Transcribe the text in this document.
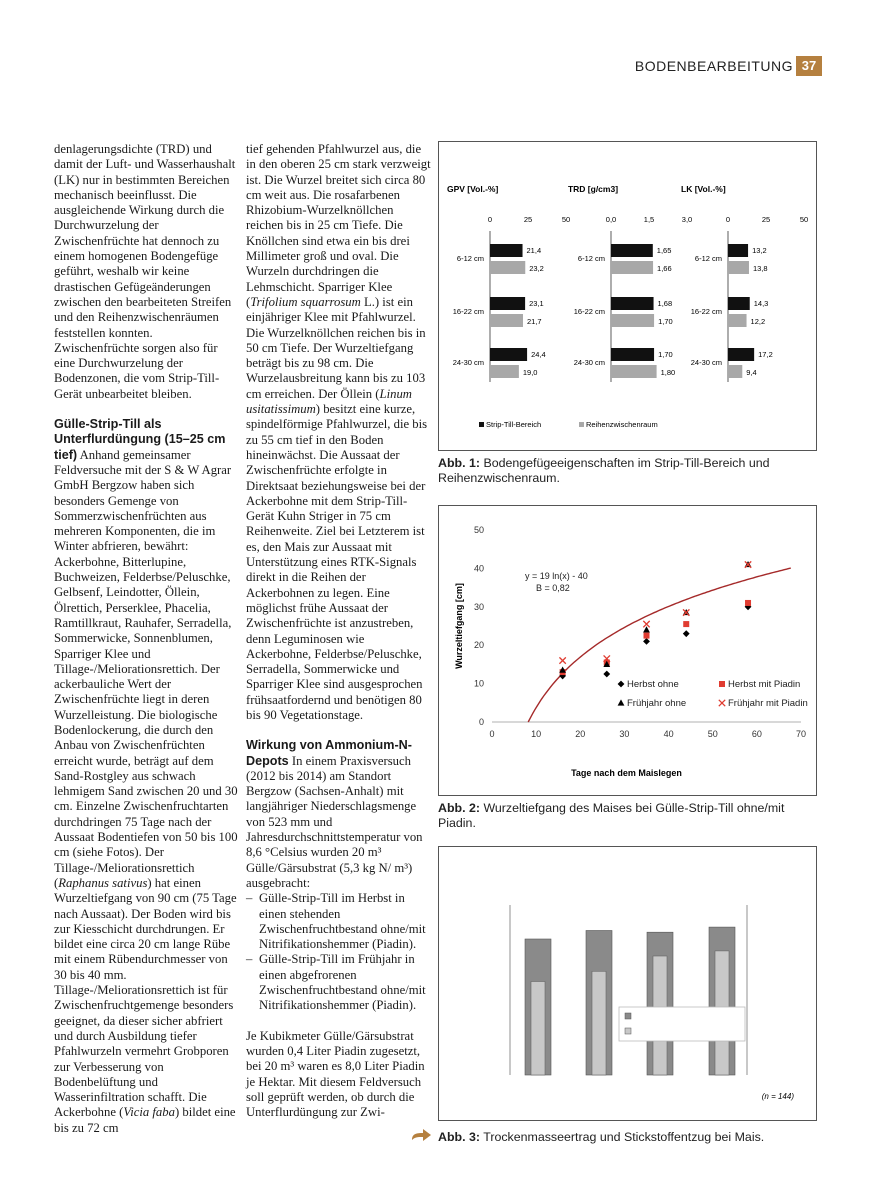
BODENBEARBEITUNG 37

denlagerungsdichte (TRD) und damit der Luft- und Wasserhaushalt (LK) nur in bestimmten Bereichen mechanisch beeinflusst. Die ausgleichende Wirkung durch die Durchwurzelung der Zwischenfrüchte hat dennoch zu einem homogenen Bodengefüge geführt, weshalb wir keine drastischen Gefügeänderungen zwischen den bearbeiteten Streifen und den Reihenzwischenräumen feststellen konnten. Zwischenfrüchte sorgen also für eine Durchwurzelung der Bodenzonen, die vom Strip-Till-Gerät unbearbeitet bleiben.

Gülle-Strip-Till als Unterflurdüngung (15–25 cm tief) Anhand gemeinsamer Feldversuche mit der S & W Agrar GmbH Bergzow haben sich besonders Gemenge von Sommerzwischenfrüchten aus mehreren Komponenten, die im Winter abfrieren, bewährt: Ackerbohne, Bitterlupine, Buchweizen, Felderbse/Peluschke, Gelbsenf, Leindotter, Öllein, Ölrettich, Perserklee, Phacelia, Ramtillkraut, Rauhafer, Serradella, Sommerwicke, Sonnenblumen, Sparriger Klee und Tillage-/Meliorationsrettich. Der ackerbauliche Wert der Zwischenfrüchte liegt in deren Wurzelleistung. Die biologische Bodenlockerung, die durch den Anbau von Zwischenfrüchten erreicht wurde, beträgt auf dem Sand-Rostgley aus schwach lehmigem Sand zwischen 20 und 30 cm. Einzelne Zwischenfruchtarten durchdringen 75 Tage nach der Aussaat Bodentiefen von 50 bis 100 cm (siehe Fotos). Der Tillage-/Meliorationsrettich (Raphanus sativus) hat einen Wurzeltiefgang von 90 cm (75 Tage nach Aussaat). Der Boden wird bis zur Kiesschicht durchdrungen. Er bildet eine circa 20 cm lange Rübe mit einem Rübendurchmesser von 30 bis 40 mm. Tillage-/Meliorationsrettich ist für Zwischenfruchtgemenge besonders geeignet, da dieser sicher abfriert und durch Ausbildung tiefer Pfahlwurzeln vermehrt Grobporen zur Verbesserung von Bodenbelüftung und Wasserinfiltration schafft. Die Ackerbohne (Vicia faba) bildet eine bis zu 72 cm

tief gehenden Pfahlwurzel aus, die in den oberen 25 cm stark verzweigt ist. Die Wurzel breitet sich circa 80 cm weit aus. Die rosafarbenen Rhizobium-Wurzelknöllchen reichen bis in 25 cm Tiefe. Die Knöllchen sind etwa ein bis drei Millimeter groß und oval. Die Wurzeln durchdringen die Lehmschicht. Sparriger Klee (Trifolium squarrosum L.) ist ein einjähriger Klee mit Pfahlwurzel. Die Wurzelknöllchen reichen bis in 50 cm Tiefe. Der Wurzeltiefgang beträgt bis zu 98 cm. Die Wurzelausbreitung kann bis zu 103 cm erreichen. Der Öllein (Linum usitatissimum) besitzt eine kurze, spindelförmige Pfahlwurzel, die bis zu 55 cm tief in den Boden hineinwächst. Die Aussaat der Zwischenfrüchte erfolgte in Direktsaat beziehungsweise bei der Ackerbohne mit dem Strip-Till-Gerät Kuhn Striger in 75 cm Reihenweite. Ziel bei Letzterem ist es, den Mais zur Aussaat mit Unterstützung eines RTK-Signals direkt in die Reihen der Ackerbohnen zu legen. Eine möglichst frühe Aussaat der Zwischenfrüchte ist anzustreben, denn Leguminosen wie Ackerbohne, Felderbse/Peluschke, Serradella, Sommerwicke und Sparriger Klee sind ausgesprochen frühsaatfordernd und benötigen 80 bis 90 Vegetationstage.

Wirkung von Ammonium-N-Depots In einem Praxisversuch (2012 bis 2014) am Standort Bergzow (Sachsen-Anhalt) mit langjähriger Niederschlagsmenge von 523 mm und Jahresdurchschnittstemperatur von 8,6 °Celsius wurden 20 m³ Gülle/Gärsubstrat (5,3 kg N/ m³) ausgebracht:

– Gülle-Strip-Till im Herbst in einen stehenden Zwischenfruchtbestand ohne/mit Nitrifikationshemmer (Piadin).
– Gülle-Strip-Till im Frühjahr in einen abgefrorenen Zwischenfruchtbestand ohne/mit Nitrifikationshemmer (Piadin).

Je Kubikmeter Gülle/Gärsubstrat wurden 0,4 Liter Piadin zugesetzt, bei 20 m³ waren es 8,0 Liter Piadin je Hektar. Mit diesem Feldversuch soll geprüft werden, ob durch die Unterflurdüngung zur Zwi-

GPV [Vol.-%]
0	25	50
6-12 cm
21,4
23,2
16-22 cm
23,1
21,7
24-30 cm
24,4
19,0
TRD [g/cm3]
0,0	1,5	3,0
6-12 cm
1,65
1,66
16-22 cm
1,68
1,70
24-30 cm
1,70
1,80
LK [Vol.-%]
0	25	50
6-12 cm
13,2
13,8
16-22 cm
14,3
12,2
24-30 cm
17,2
9,4
Strip-Till-Bereich	Reihenzwischenraum
Abb. 1: Bodengefügeeigenschaften im Strip-Till-Bereich und Reihenzwischenraum.
0
10
20
30
40
50
0	10	20	30	40	50	60	70
Tage nach dem Maislegen
Wurzeltiefgang [cm]
y = 19 ln(x) - 40
B = 0,82
Herbst ohne	Herbst mit Piadin
Frühjahr ohne	Frühjahr mit Piadin
Abb. 2: Wurzeltiefgang des Maises bei Gülle-Strip-Till ohne/mit Piadin.
(n = 144)
Abb. 3: Trockenmasseertrag und Stickstoffentzug bei Mais.
